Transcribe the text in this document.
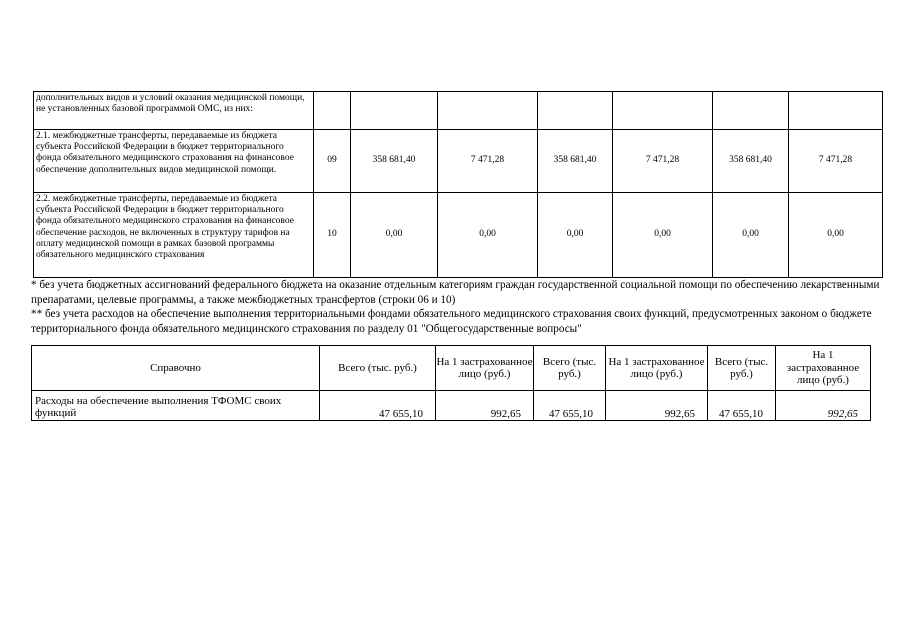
дополнительных видов и условий оказания медицинской помощи, не установленных базовой программой ОМС, из них:							
2.1. межбюджетные трансферты, передаваемые из бюджета субъекта Российской Федерации в бюджет территориального фонда обязательного медицинского страхования на финансовое обеспечение дополнительных видов медицинской помощи.	09	358 681,40	7 471,28	358 681,40	7 471,28	358 681,40	7 471,28
2.2. межбюджетные трансферты, передаваемые из бюджета субъекта Российской Федерации в бюджет территориального фонда обязательного медицинского страхования на финансовое обеспечение расходов, не включенных в структуру тарифов на оплату медицинской помощи в рамках базовой программы обязательного медицинского страхования	10	0,00	0,00	0,00	0,00	0,00	0,00

* без учета бюджетных ассигнований федерального бюджета на оказание отдельным категориям граждан государственной социальной помощи по обеспечению лекарственными препаратами, целевые программы, а также межбюджетных трансфертов (строки 06 и 10)

** без учета расходов на обеспечение выполнения территориальными фондами обязательного медицинского страхования своих функций, предусмотренных законом о бюджете территориального фонда обязательного медицинского страхования по разделу 01 "Общегосударственные вопросы"

Справочно	Всего (тыс. руб.)	На 1 застрахованное лицо (руб.)	Всего (тыс. руб.)	На 1 застрахованное лицо (руб.)	Всего (тыс. руб.)	На 1 застрахованное лицо (руб.)
Расходы на обеспечение выполнения ТФОМС своих функций	47 655,10	992,65	47 655,10	992,65	47 655,10	992,65
